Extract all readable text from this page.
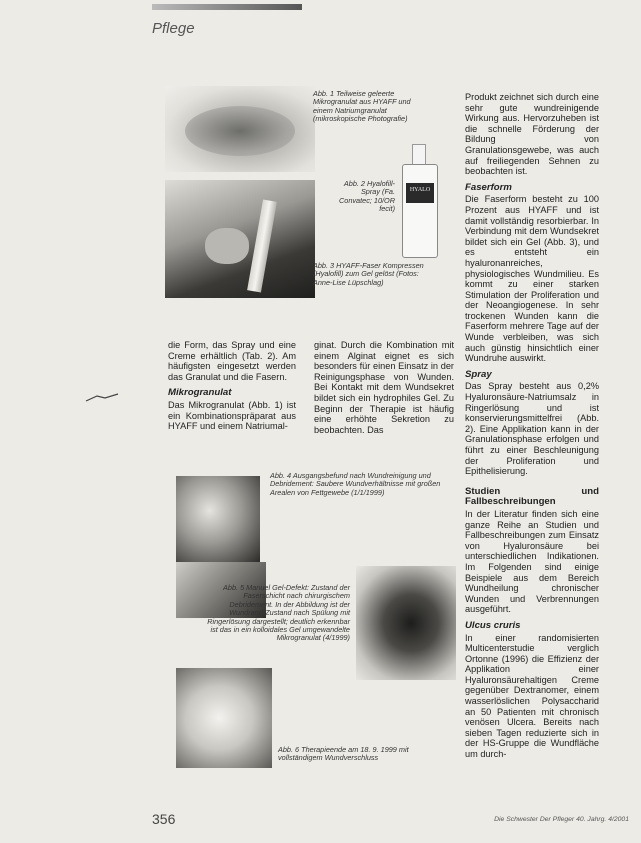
Pflege
Abb. 1 Teilweise geleerte Mikrogranulat aus HYAFF und einem Natriumgranulat (mikroskopische Photografie)
HYALO
Abb. 2 Hyalofill-Spray (Fa. Convatec; 10/OR fecit)
Abb. 3 HYAFF-Faser Kompressen (Hyalofill) zum Gel gelöst (Fotos: Anne-Lise Lüpschlag)

die Form, das Spray und eine Creme erhältlich (Tab. 2). Am häufigsten eingesetzt werden das Granulat und die Fasern.

Mikrogranulat

Das Mikrogranulat (Abb. 1) ist ein Kombinationspräparat aus HYAFF und einem Natriumal-

ginat. Durch die Kombination mit einem Alginat eignet es sich besonders für einen Einsatz in der Reinigungsphase von Wunden. Bei Kontakt mit dem Wundsekret bildet sich ein hydrophiles Gel. Zu Beginn der Therapie ist häufig eine erhöhte Sekretion zu beobachten. Das

Abb. 4 Ausgangsbefund nach Wundreinigung und Debridement: Saubere Wundverhältnisse mit großen Arealen von Fettgewebe (1/1/1999)
Abb. 5 Manuel Gel-Defekt: Zustand der Faserschicht nach chirurgischem Debridement. In der Abbildung ist der Wundrand-Zustand nach Spülung mit Ringerlösung dargestellt; deutlich erkennbar ist das in ein kolloidales Gel umgewandelte Mikrogranulat (4/1999)
Abb. 6 Therapieende am 18. 9. 1999 mit vollständigem Wundverschluss

Produkt zeichnet sich durch eine sehr gute wundreinigende Wirkung aus. Hervorzuheben ist die schnelle Förderung der Bildung von Granulationsgewebe, was auch auf freiliegenden Sehnen zu beobachten ist.

Faserform

Die Faserform besteht zu 100 Prozent aus HYAFF und ist damit vollständig resorbierbar. In Verbindung mit dem Wundsekret bildet sich ein Gel (Abb. 3), und es entsteht ein hyaluronanreiches, physiologisches Wundmilieu. Es kommt zu einer starken Stimulation der Proliferation und der Neoangiogenese. In sehr trockenen Wunden kann die Faserform mehrere Tage auf der Wunde verbleiben, was sich auch günstig hinsichtlich einer Wundruhe auswirkt.

Spray

Das Spray besteht aus 0,2% Hyaluronsäure-Natriumsalz in Ringerlösung und ist konservierungsmittelfrei (Abb. 2). Eine Applikation kann in der Granulationsphase erfolgen und führt zu einer Beschleunigung der Proliferation und Epithelisierung.

Studien und Fallbeschreibungen

In der Literatur finden sich eine ganze Reihe an Studien und Fallbeschreibungen zum Einsatz von Hyaluronsäure bei unterschiedlichen Indikationen. Im Folgenden sind einige Beispiele aus dem Bereich Wundheilung chronischer Wunden und Verbrennungen ausgeführt.

Ulcus cruris

In einer randomisierten Multicenterstudie verglich Ortonne (1996) die Effizienz der Applikation einer Hyaluronsäurehaltigen Creme gegenüber Dextranomer, einem wasserlöslichen Polysaccharid an 50 Patienten mit chronisch venösen Ulcera. Bereits nach sieben Tagen reduzierte sich in der HS-Gruppe die Wundfläche um durch-

356	Die Schwester Der Pfleger 40. Jahrg. 4/2001
